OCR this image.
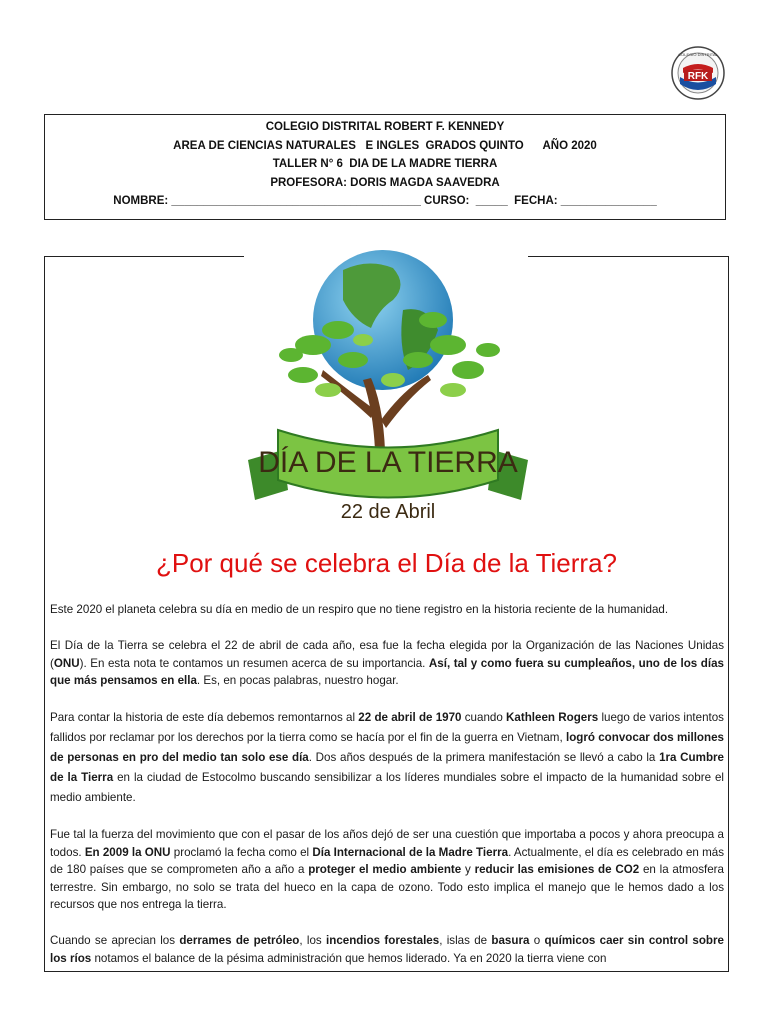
RFK
COLEGIO DISTRITAL
COLEGIO DISTRITAL ROBERT F. KENNEDY
AREA DE CIENCIAS NATURALES   E INGLES  GRADOS QUINTO      AÑO 2020
TALLER N° 6  DIA DE LA MADRE TIERRA
PROFESORA: DORIS MAGDA SAAVEDRA
NOMBRE: _______________________________________ CURSO:  _____  FECHA: _______________
DÍA DE LA TIERRA
22 de Abril
¿Por qué se celebra el Día de la Tierra?
Este 2020 el planeta celebra su día en medio de un respiro que no tiene registro en la historia reciente de la humanidad.
El Día de la Tierra se celebra el 22 de abril de cada año, esa fue la fecha elegida por la Organización de las Naciones Unidas (ONU). En esta nota te contamos un resumen acerca de su importancia. Así, tal y como fuera su cumpleaños, uno de los días que más pensamos en ella. Es, en pocas palabras, nuestro hogar.
Para contar la historia de este día debemos remontarnos al 22 de abril de 1970 cuando Kathleen Rogers luego de varios intentos fallidos por reclamar por los derechos por la tierra como se hacía por el fin de la guerra en Vietnam, logró convocar dos millones de personas en pro del medio tan solo ese día. Dos años después de la primera manifestación se llevó a cabo la 1ra Cumbre de la Tierra en la ciudad de Estocolmo buscando sensibilizar a los líderes mundiales sobre el impacto de la humanidad sobre el medio ambiente.
Fue tal la fuerza del movimiento que con el pasar de los años dejó de ser una cuestión que importaba a pocos y ahora preocupa a todos. En 2009 la ONU proclamó la fecha como el Día Internacional de la Madre Tierra. Actualmente, el día es celebrado en más de 180 países que se comprometen año a año a proteger el medio ambiente y reducir las emisiones de CO2 en la atmosfera terrestre. Sin embargo, no solo se trata del hueco en la capa de ozono. Todo esto implica el manejo que le hemos dado a los recursos que nos entrega la tierra.
Cuando se aprecian los derrames de petróleo, los incendios forestales, islas de basura o químicos caer sin control sobre los ríos notamos el balance de la pésima administración que hemos liderado. Ya en 2020 la tierra viene con
